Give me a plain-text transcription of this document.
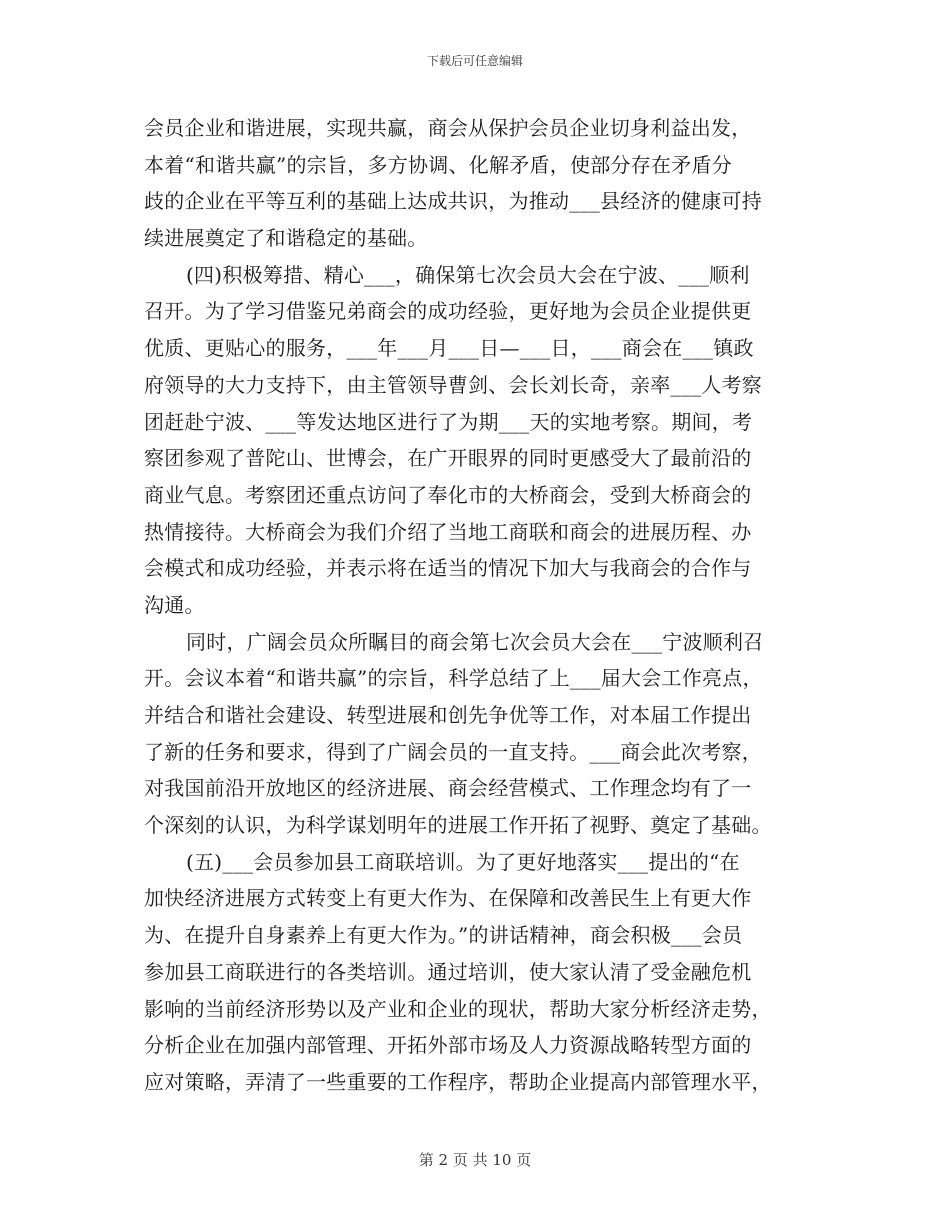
下载后可任意编辑
会员企业和谐进展，实现共赢，商会从保护会员企业切身利益出发，
本着“和谐共赢”的宗旨，多方协调、化解矛盾，使部分存在矛盾分
歧的企业在平等互利的基础上达成共识，为推动___县经济的健康可持
续进展奠定了和谐稳定的基础。
(四)积极筹措、精心___，确保第七次会员大会在宁波、___顺利
召开。为了学习借鉴兄弟商会的成功经验，更好地为会员企业提供更
优质、更贴心的服务，___年___月___日—___日，___商会在___镇政
府领导的大力支持下，由主管领导曹剑、会长刘长奇，亲率___人考察
团赶赴宁波、___等发达地区进行了为期___天的实地考察。期间，考
察团参观了普陀山、世博会，在广开眼界的同时更感受大了最前沿的
商业气息。考察团还重点访问了奉化市的大桥商会，受到大桥商会的
热情接待。大桥商会为我们介绍了当地工商联和商会的进展历程、办
会模式和成功经验，并表示将在适当的情况下加大与我商会的合作与
沟通。
同时，广阔会员众所瞩目的商会第七次会员大会在___宁波顺利召
开。会议本着“和谐共赢”的宗旨，科学总结了上___届大会工作亮点，
并结合和谐社会建设、转型进展和创先争优等工作，对本届工作提出
了新的任务和要求，得到了广阔会员的一直支持。___商会此次考察，
对我国前沿开放地区的经济进展、商会经营模式、工作理念均有了一
个深刻的认识，为科学谋划明年的进展工作开拓了视野、奠定了基础。
(五)___会员参加县工商联培训。为了更好地落实___提出的“在
加快经济进展方式转变上有更大作为、在保障和改善民生上有更大作
为、在提升自身素养上有更大作为。”的讲话精神，商会积极___会员
参加县工商联进行的各类培训。通过培训，使大家认清了受金融危机
影响的当前经济形势以及产业和企业的现状，帮助大家分析经济走势，
分析企业在加强内部管理、开拓外部市场及人力资源战略转型方面的
应对策略，弄清了一些重要的工作程序，帮助企业提高内部管理水平，
第 2 页 共 10 页
